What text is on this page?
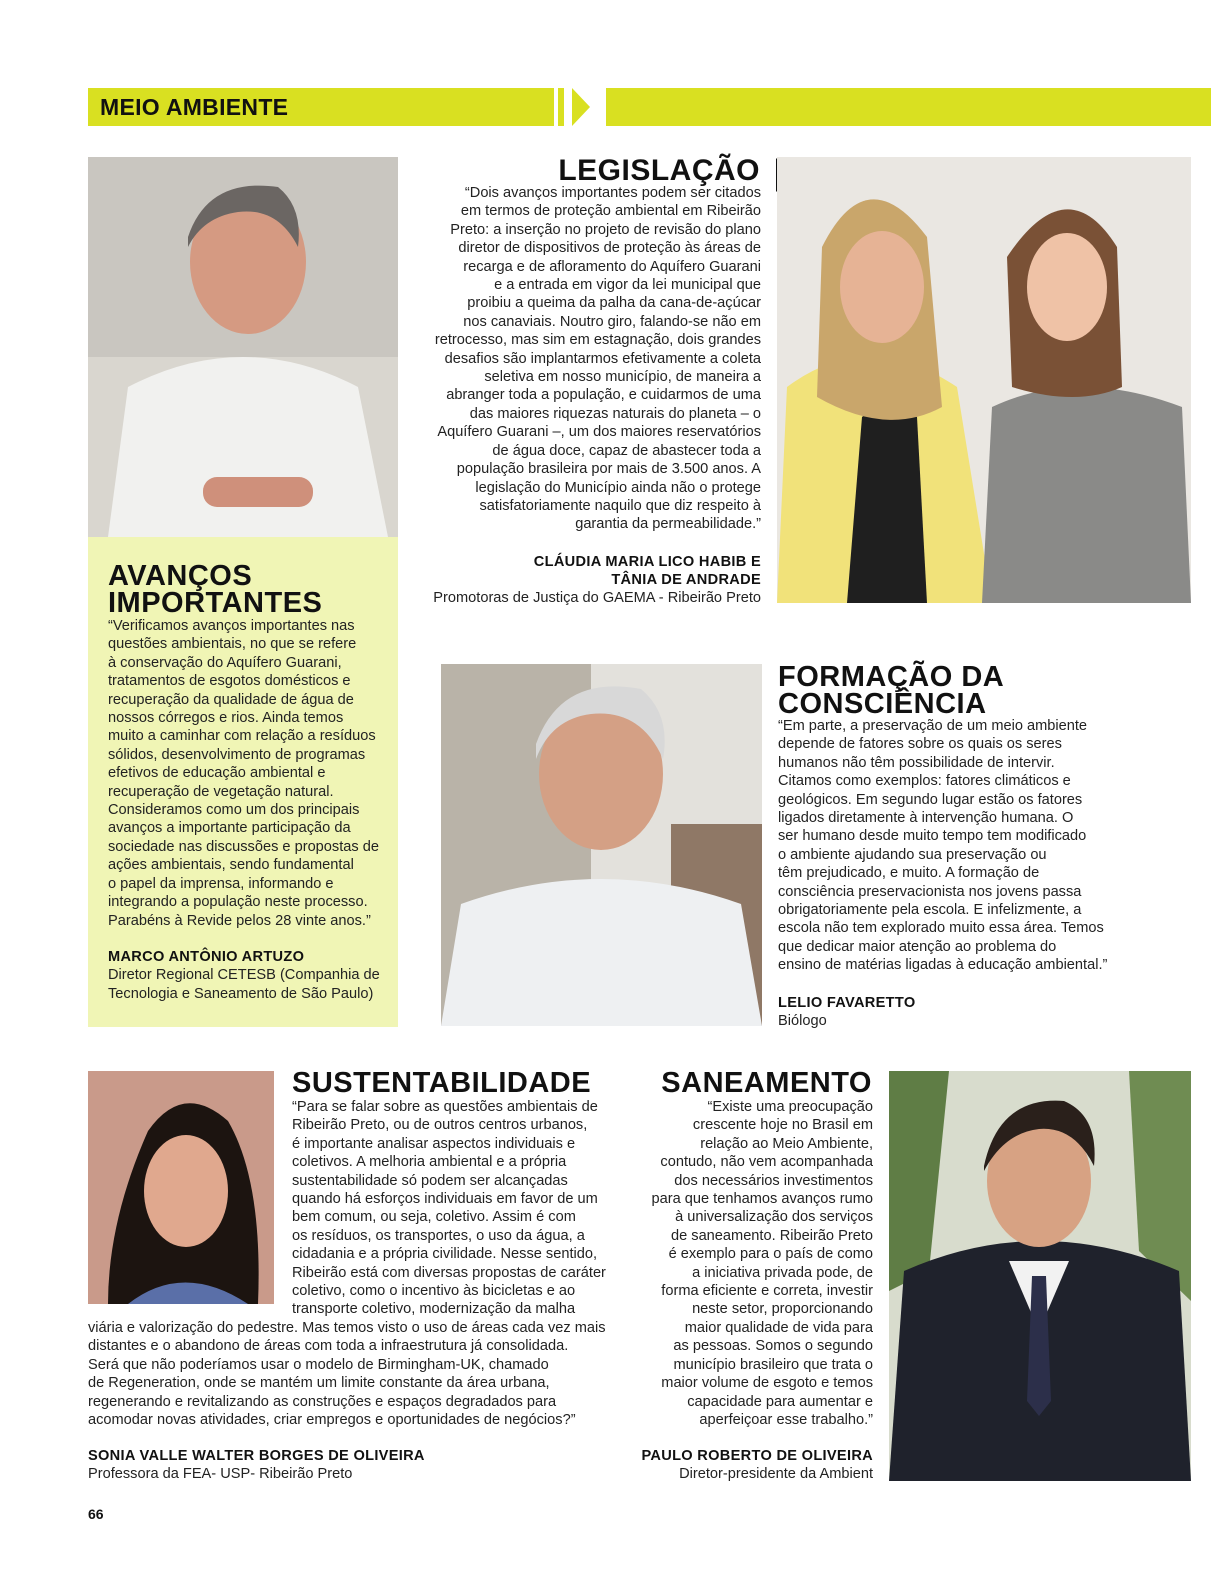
MEIO AMBIENTE
AVANÇOS
IMPORTANTES
“Verificamos avanços importantes nas
questões ambientais, no que se refere
à conservação do Aquífero Guarani,
tratamentos de esgotos domésticos e
recuperação da qualidade de água de
nossos córregos e rios. Ainda temos
muito a caminhar com relação a resíduos
sólidos, desenvolvimento de programas
efetivos de educação ambiental e
recuperação de vegetação natural.
Consideramos como um dos principais
avanços a importante participação da
sociedade nas discussões e propostas de
ações ambientais, sendo fundamental
o papel da imprensa, informando e
integrando a população neste processo.
Parabéns à Revide pelos 28 vinte anos.”
MARCO ANTÔNIO ARTUZO
Diretor Regional CETESB (Companhia de
Tecnologia e Saneamento de São Paulo)
LEGISLAÇÃO
“Dois avanços importantes podem ser citados
em termos de proteção ambiental em Ribeirão
Preto: a inserção no projeto de revisão do plano
diretor de dispositivos de proteção às áreas de
recarga e de afloramento do Aquífero Guarani
e a entrada em vigor da lei municipal que
proibiu a queima da palha da cana-de-açúcar
nos canaviais. Noutro giro, falando-se não em
retrocesso, mas sim em estagnação, dois grandes
desafios são implantarmos efetivamente a coleta
seletiva em nosso município, de maneira a
abranger toda a população, e cuidarmos de uma
das maiores riquezas naturais do planeta – o
Aquífero Guarani –, um dos maiores reservatórios
de água doce, capaz de abastecer toda a
população brasileira por mais de 3.500 anos. A
legislação do Município ainda não o protege
satisfatoriamente naquilo que diz respeito à
garantia da permeabilidade.”
CLÁUDIA MARIA LICO HABIB E
TÂNIA DE ANDRADE
Promotoras de Justiça do GAEMA - Ribeirão Preto
FORMAÇÃO DA
CONSCIÊNCIA
“Em parte, a preservação de um meio ambiente
depende de fatores sobre os quais os seres
humanos não têm possibilidade de intervir.
Citamos como exemplos: fatores climáticos e
geológicos. Em segundo lugar estão os fatores
ligados diretamente à intervenção humana. O
ser humano desde muito tempo tem modificado
o ambiente ajudando sua preservação ou
têm prejudicado, e muito. A formação de
consciência preservacionista nos jovens passa
obrigatoriamente pela escola. E infelizmente, a
escola não tem explorado muito essa área. Temos
que dedicar maior atenção ao problema do
ensino de matérias ligadas à educação ambiental.”
LELIO FAVARETTO
Biólogo
SUSTENTABILIDADE
“Para se falar sobre as questões ambientais de
Ribeirão Preto, ou de outros centros urbanos,
é importante analisar aspectos individuais e
coletivos. A melhoria ambiental e a própria
sustentabilidade só podem ser alcançadas
quando há esforços individuais em favor de um
bem comum, ou seja, coletivo. Assim é com
os resíduos, os transportes, o uso da água, a
cidadania e a própria civilidade. Nesse sentido,
Ribeirão está com diversas propostas de caráter
coletivo, como o incentivo às bicicletas e ao
transporte coletivo, modernização da malha
viária e valorização do pedestre. Mas temos visto o uso de áreas cada vez mais
distantes e o abandono de áreas com toda a infraestrutura já consolidada.
Será que não poderíamos usar o modelo de Birmingham-UK, chamado
de Regeneration, onde se mantém um limite constante da área urbana,
regenerando e revitalizando as construções e espaços degradados para
acomodar novas atividades, criar empregos e oportunidades de negócios?”
SONIA VALLE WALTER BORGES DE OLIVEIRA
Professora da FEA- USP- Ribeirão Preto
SANEAMENTO
“Existe uma preocupação
crescente hoje no Brasil em
relação ao Meio Ambiente,
contudo, não vem acompanhada
dos necessários investimentos
para que tenhamos avanços rumo
à universalização dos serviços
de saneamento. Ribeirão Preto
é exemplo para o país de como
a iniciativa privada pode, de
forma eficiente e correta, investir
neste setor, proporcionando
maior qualidade de vida para
as pessoas. Somos o segundo
município brasileiro que trata o
maior volume de esgoto e temos
capacidade para aumentar e
aperfeiçoar esse trabalho.”
PAULO ROBERTO DE OLIVEIRA
Diretor-presidente da Ambient
66
